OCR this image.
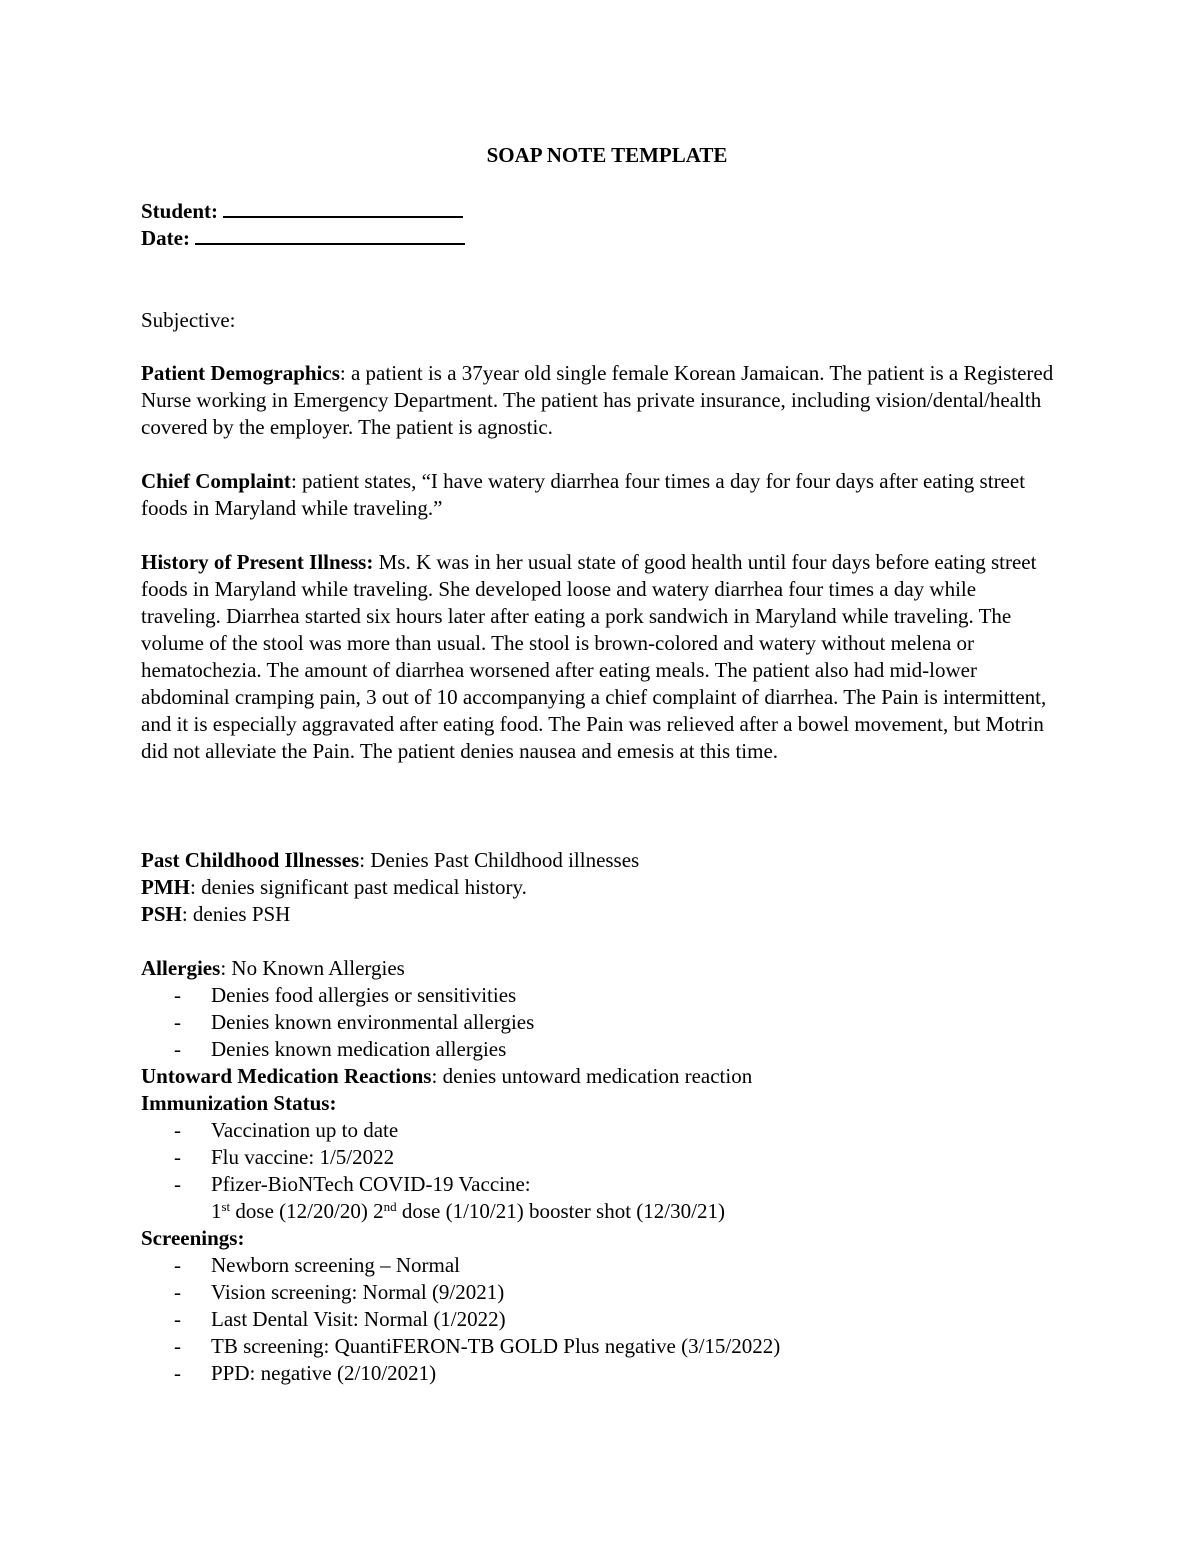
SOAP NOTE TEMPLATE

Student:

Date:

Subjective:

Patient Demographics: a patient is a 37year old single female Korean Jamaican. The patient is a Registered Nurse working in Emergency Department. The patient has private insurance, including vision/dental/health covered by the employer. The patient is agnostic.

Chief Complaint: patient states, “I have watery diarrhea four times a day for four days after eating street foods in Maryland while traveling.”

History of Present Illness: Ms. K was in her usual state of good health until four days before eating street foods in Maryland while traveling. She developed loose and watery diarrhea four times a day while traveling. Diarrhea started six hours later after eating a pork sandwich in Maryland while traveling. The volume of the stool was more than usual. The stool is brown-colored and watery without melena or hematochezia. The amount of diarrhea worsened after eating meals. The patient also had mid-lower abdominal cramping pain, 3 out of 10 accompanying a chief complaint of diarrhea. The Pain is intermittent, and it is especially aggravated after eating food. The Pain was relieved after a bowel movement, but Motrin did not alleviate the Pain. The patient denies nausea and emesis at this time.

Past Childhood Illnesses: Denies Past Childhood illnesses

PMH: denies significant past medical history.

PSH: denies PSH

Allergies: No Known Allergies

- Denies food allergies or sensitivities
- Denies known environmental allergies
- Denies known medication allergies

Untoward Medication Reactions: denies untoward medication reaction

Immunization Status:

- Vaccination up to date
- Flu vaccine: 1/5/2022
- Pfizer-BioNTech COVID-19 Vaccine:
1st dose (12/20/20) 2nd dose (1/10/21) booster shot (12/30/21)

Screenings:

- Newborn screening – Normal
- Vision screening: Normal (9/2021)
- Last Dental Visit: Normal (1/2022)
- TB screening: QuantiFERON-TB GOLD Plus negative (3/15/2022)
- PPD: negative (2/10/2021)
